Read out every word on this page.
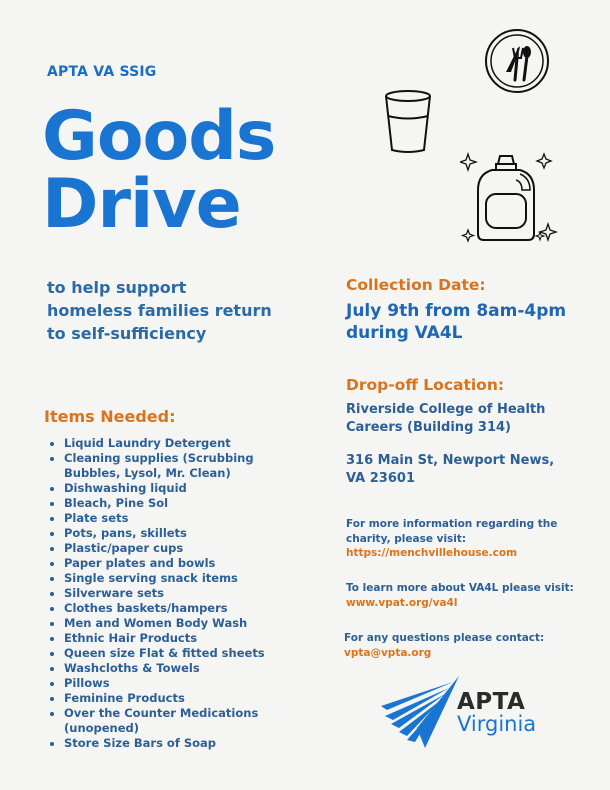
APTA VA SSIG
Goods
Drive
to help support homeless families return to self-sufficiency
Items Needed:
• Liquid Laundry Detergent
• Cleaning supplies (Scrubbing Bubbles, Lysol, Mr. Clean)
• Dishwashing liquid
• Bleach, Pine Sol
• Plate sets
• Pots, pans, skillets
• Plastic/paper cups
• Paper plates and bowls
• Single serving snack items
• Silverware sets
• Clothes baskets/hampers
• Men and Women Body Wash
• Ethnic Hair Products
• Queen size Flat & fitted sheets
• Washcloths & Towels
• Pillows
• Feminine Products
• Over the Counter Medications (unopened)
• Store Size Bars of Soap
Collection Date:
July 9th from 8am-4pm during VA4L
Drop-off Location:
Riverside College of Health Careers (Building 314)
316 Main St, Newport News, VA 23601
For more information regarding the charity, please visit:
https://menchvillehouse.com
To learn more about VA4L please visit: www.vpat.org/va4l
For any questions please contact: vpta@vpta.org
APTA
Virginia
